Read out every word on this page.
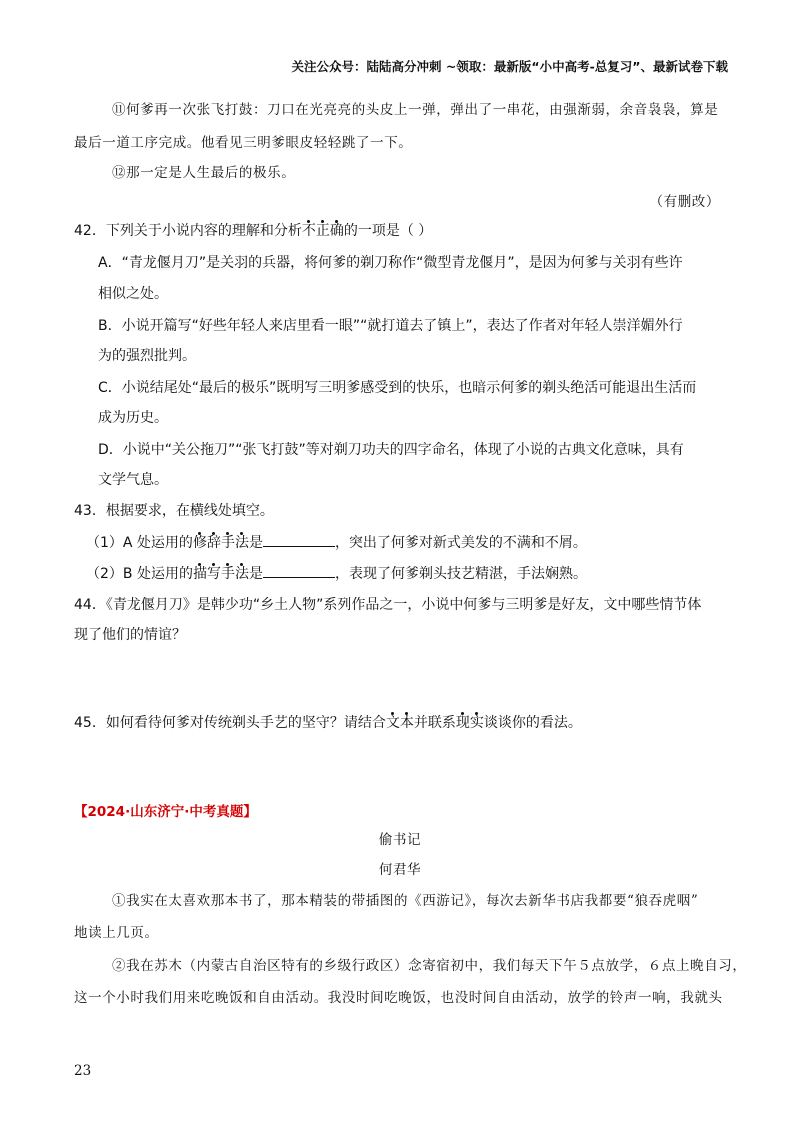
关注公众号：陆陆高分冲刺 ~领取：最新版“小中高考-总复习”、最新试卷下载
⑪何爹再一次张飞打鼓：刀口在光亮亮的头皮上一弹，弹出了一串花，由强渐弱，余音袅袅，算是
最后一道工序完成。他看见三明爹眼皮轻轻跳了一下。
⑫那一定是人生最后的极乐。
（有删改）
42．下列关于小说内容的理解和分析不正确的一项是（ ）
A．“青龙偃月刀”是关羽的兵器，将何爹的剃刀称作“微型青龙偃月”，是因为何爹与关羽有些许
相似之处。
B．小说开篇写“好些年轻人来店里看一眼”“就打道去了镇上”，表达了作者对年轻人崇洋媚外行
为的强烈批判。
C．小说结尾处“最后的极乐”既明写三明爹感受到的快乐，也暗示何爹的剃头绝活可能退出生活而
成为历史。
D．小说中“关公拖刀”“张飞打鼓”等对剃刀功夫的四字命名，体现了小说的古典文化意味，具有
文学气息。
43．根据要求，在横线处填空。
（1）A 处运用的修辞手法是	，突出了何爹对新式美发的不满和不屑。
（2）B 处运用的描写手法是	，表现了何爹剃头技艺精湛，手法娴熟。
44．《青龙偃月刀》是韩少功“乡土人物”系列作品之一，小说中何爹与三明爹是好友，文中哪些情节体
现了他们的情谊？
45．如何看待何爹对传统剃头手艺的坚守？请结合文本并联系现实谈谈你的看法。
【2024·山东济宁·中考真题】
偷书记
何君华
①我实在太喜欢那本书了，那本精装的带插图的《西游记》，每次去新华书店我都要“狼吞虎咽”
地读上几页。
②我在苏木（内蒙古自治区特有的乡级行政区）念寄宿初中，我们每天下午５点放学，６点上晚自习，
这一个小时我们用来吃晚饭和自由活动。我没时间吃晚饭，也没时间自由活动，放学的铃声一响，我就头
23
